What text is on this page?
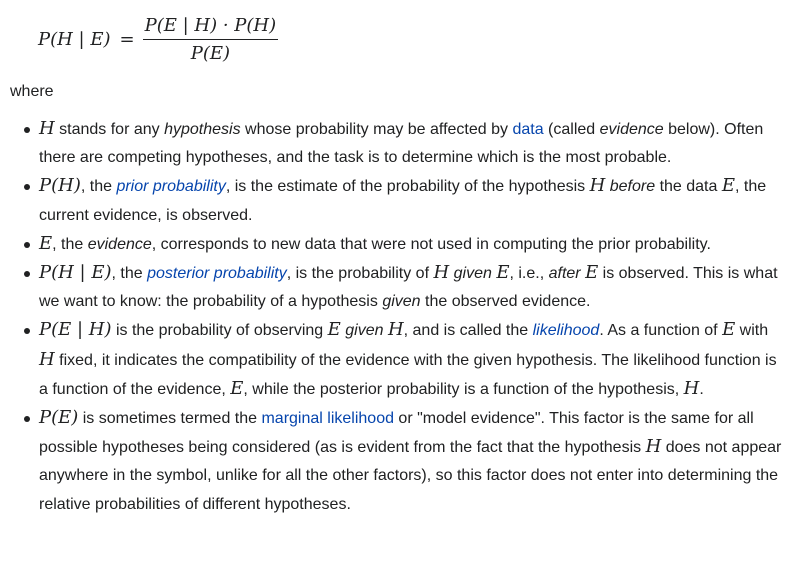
P(H | $E) = \frac{P(E | H) \cdot P(H)}{P(E)}$
where
H stands for any hypothesis whose probability may be affected by data (called evidence below). Often there are competing hypotheses, and the task is to determine which is the most probable.
P(H), the prior probability, is the estimate of the probability of the hypothesis H before the data E, the current evidence, is observed.
E, the evidence, corresponds to new data that were not used in computing the prior probability.
P(H | E), the posterior probability, is the probability of H given E, i.e., after E is observed. This is what we want to know: the probability of a hypothesis given the observed evidence.
P(E | H) is the probability of observing E given H, and is called the likelihood. As a function of E with H fixed, it indicates the compatibility of the evidence with the given hypothesis. The likelihood function is a function of the evidence, E, while the posterior probability is a function of the hypothesis, H.
P(E) is sometimes termed the marginal likelihood or "model evidence". This factor is the same for all possible hypotheses being considered (as is evident from the fact that the hypothesis H does not appear anywhere in the symbol, unlike for all the other factors), so this factor does not enter into determining the relative probabilities of different hypotheses.
